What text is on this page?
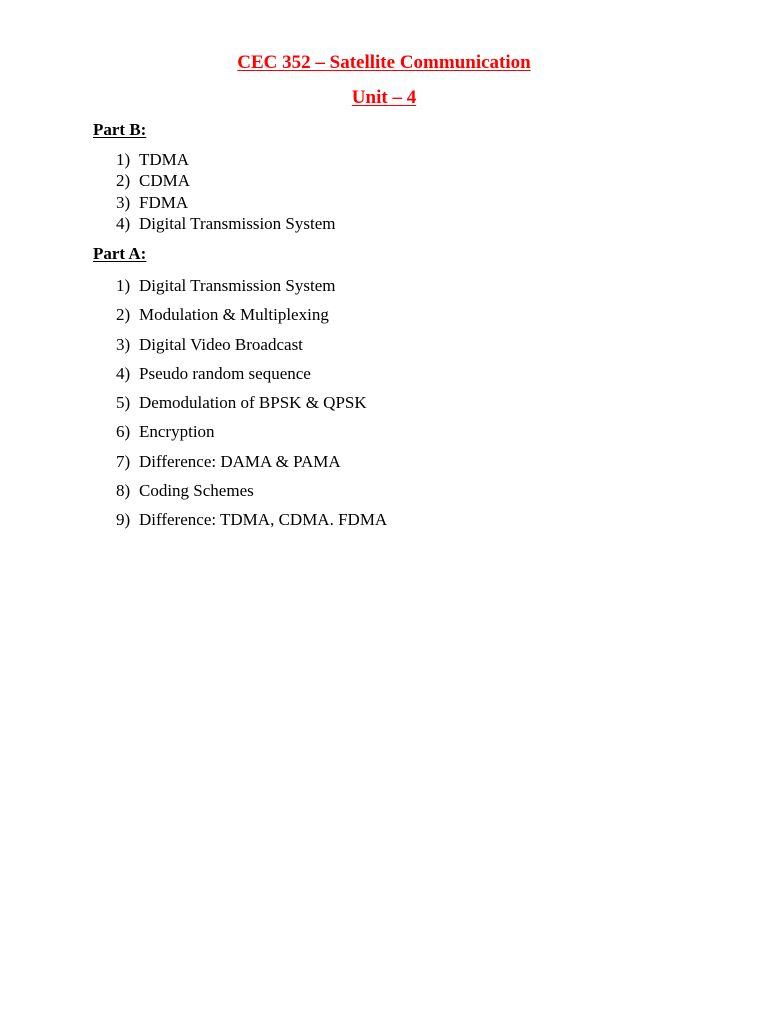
CEC 352 – Satellite Communication
Unit – 4
Part B:
1) TDMA
2) CDMA
3) FDMA
4) Digital Transmission System
Part A:
1) Digital Transmission System
2) Modulation & Multiplexing
3) Digital Video Broadcast
4) Pseudo random sequence
5) Demodulation of BPSK & QPSK
6) Encryption
7) Difference: DAMA & PAMA
8) Coding Schemes
9) Difference: TDMA, CDMA. FDMA
